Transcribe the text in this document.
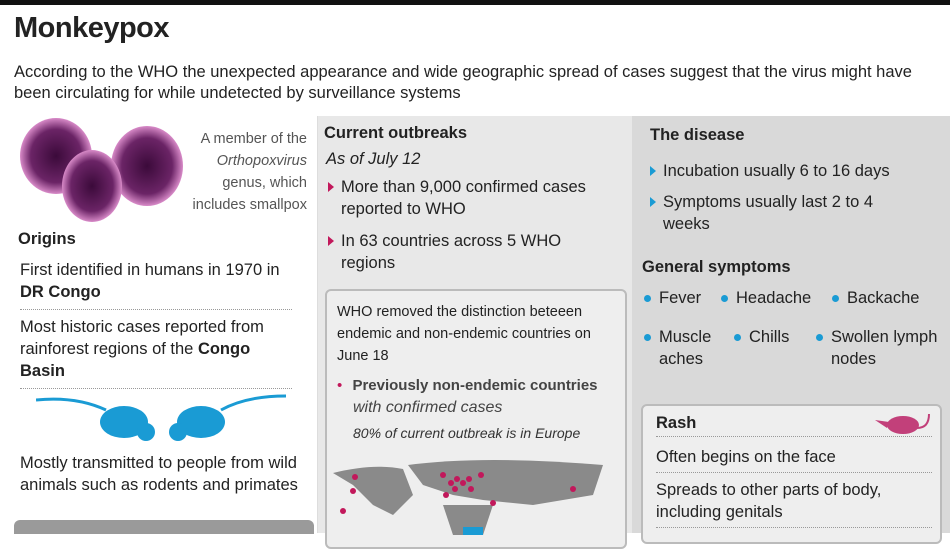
Monkeypox
According to the WHO the unexpected appearance and wide geographic spread of cases suggest that the virus might have been circulating for while undetected by surveillance systems
A member of the
Orthopoxvirus
genus, which
includes smallpox
Origins
First identified in humans in 1970 in DR Congo
Most historic cases reported from rainforest regions of the Congo Basin
Mostly transmitted to people from wild animals such as rodents and primates
Current outbreaks
As of July 12
More than 9,000 confirmed cases reported to WHO
In 63 countries across 5 WHO regions
WHO removed the distinction beteeen endemic and non-endemic countries on June 18
• Previously non-endemic countries
with confirmed cases
80% of current outbreak is in Europe
The disease
Incubation usually 6 to 16 days
Symptoms usually last 2 to 4 weeks
General symptoms
Fever Headache Backache
Muscle aches
Chills	Swollen lymph nodes
Rash
Often begins on the face
Spreads to other parts of body, including genitals
